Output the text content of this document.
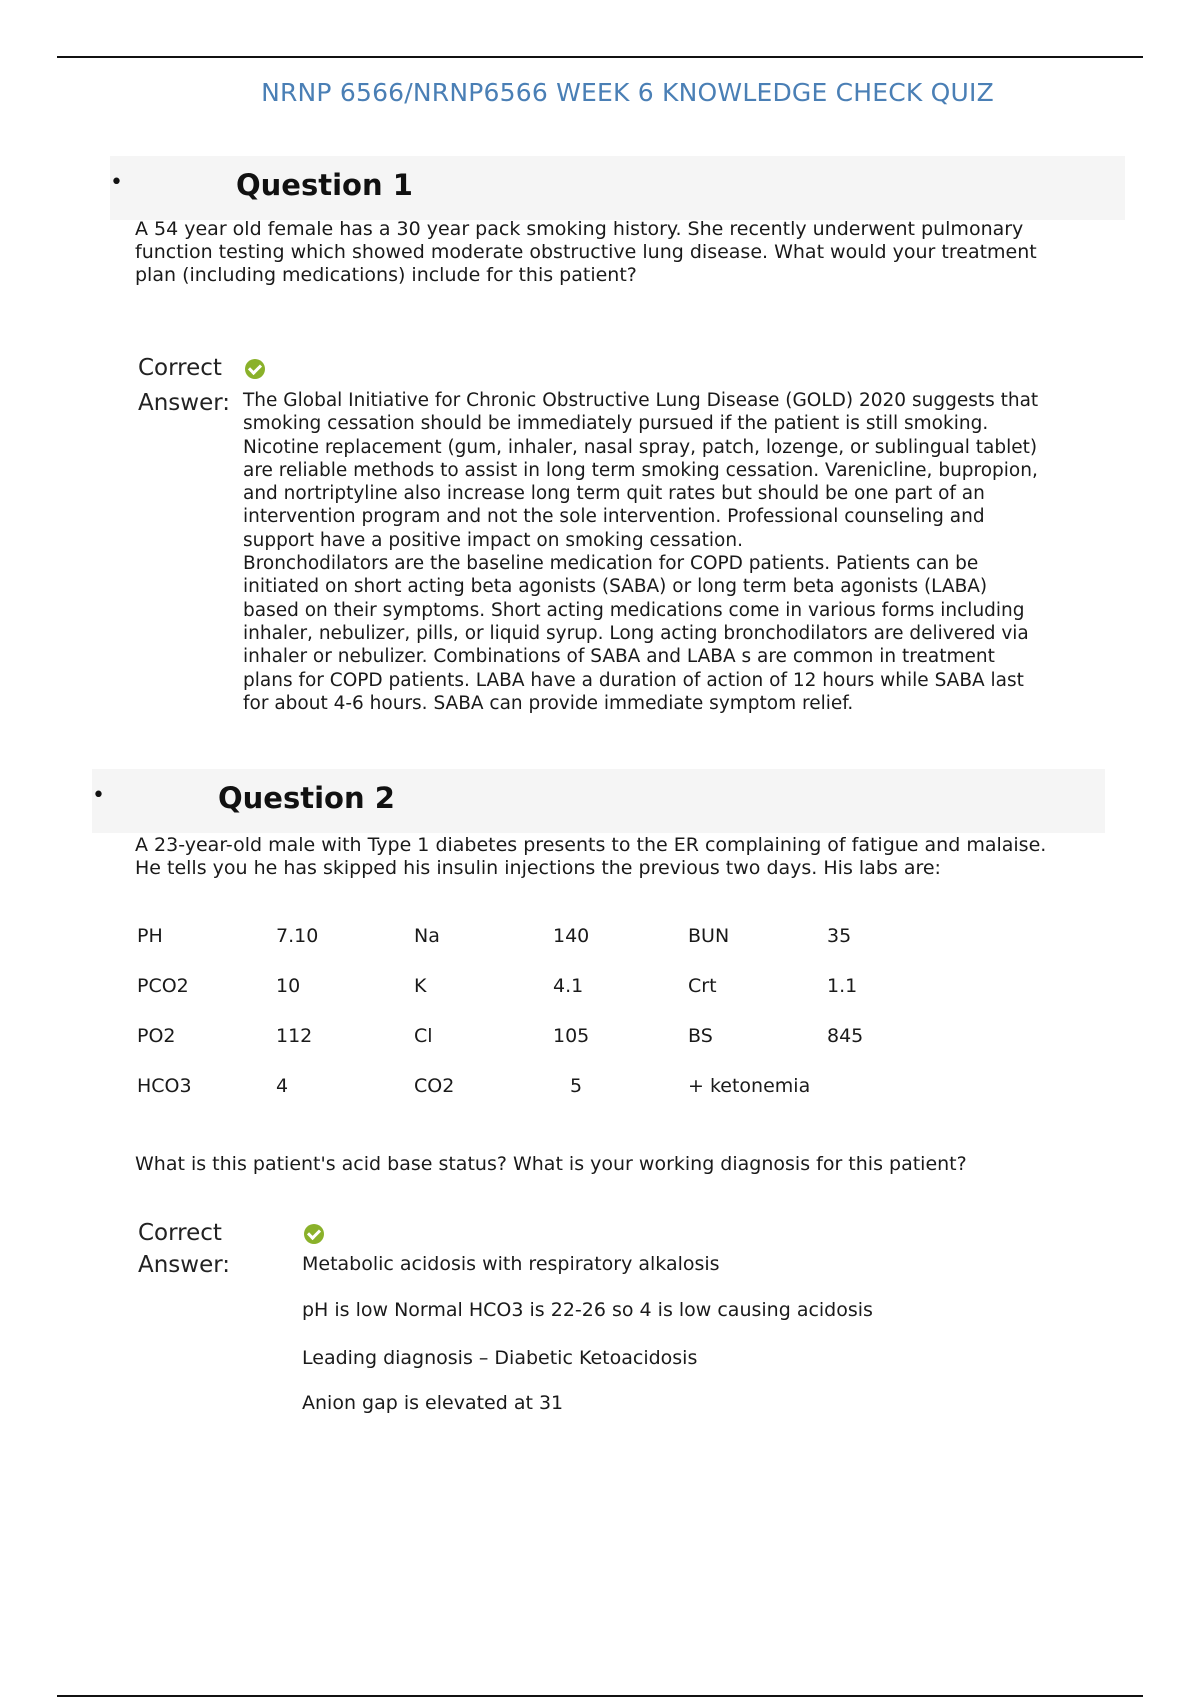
NRNP 6566/NRNP6566 WEEK 6 KNOWLEDGE CHECK QUIZ
•	Question 1
A 54 year old female has a 30 year pack smoking history. She recently underwent pulmonary function testing which showed moderate obstructive lung disease. What would your treatment plan (including medications) include for this patient?
Correct
Answer: The Global Initiative for Chronic Obstructive Lung Disease (GOLD) 2020 suggests that smoking cessation should be immediately pursued if the patient is still smoking. Nicotine replacement (gum, inhaler, nasal spray, patch, lozenge, or sublingual tablet) are reliable methods to assist in long term smoking cessation. Varenicline, bupropion, and nortriptyline also increase long term quit rates but should be one part of an intervention program and not the sole intervention. Professional counseling and support have a positive impact on smoking cessation.

Bronchodilators are the baseline medication for COPD patients. Patients can be initiated on short acting beta agonists (SABA) or long term beta agonists (LABA) based on their symptoms. Short acting medications come in various forms including inhaler, nebulizer, pills, or liquid syrup. Long acting bronchodilators are delivered via inhaler or nebulizer. Combinations of SABA and LABA s are common in treatment plans for COPD patients. LABA have a duration of action of 12 hours while SABA last for about 4-6 hours. SABA can provide immediate symptom relief.

•	Question 2
A 23-year-old male with Type 1 diabetes presents to the ER complaining of fatigue and malaise. He tells you he has skipped his insulin injections the previous two days. His labs are:
PH	7.10	Na	140	BUN	35
PCO2	10	K	4.1	Crt	1.1
PO2	112	Cl	105	BS	845
HCO3	4	CO2	5	+ ketonemia
What is this patient's acid base status? What is your working diagnosis for this patient?
Correct
Answer:	Metabolic acidosis with respiratory alkalosis
pH is low Normal HCO3 is 22-26 so 4 is low causing acidosis
Leading diagnosis – Diabetic Ketoacidosis
Anion gap is elevated at 31
